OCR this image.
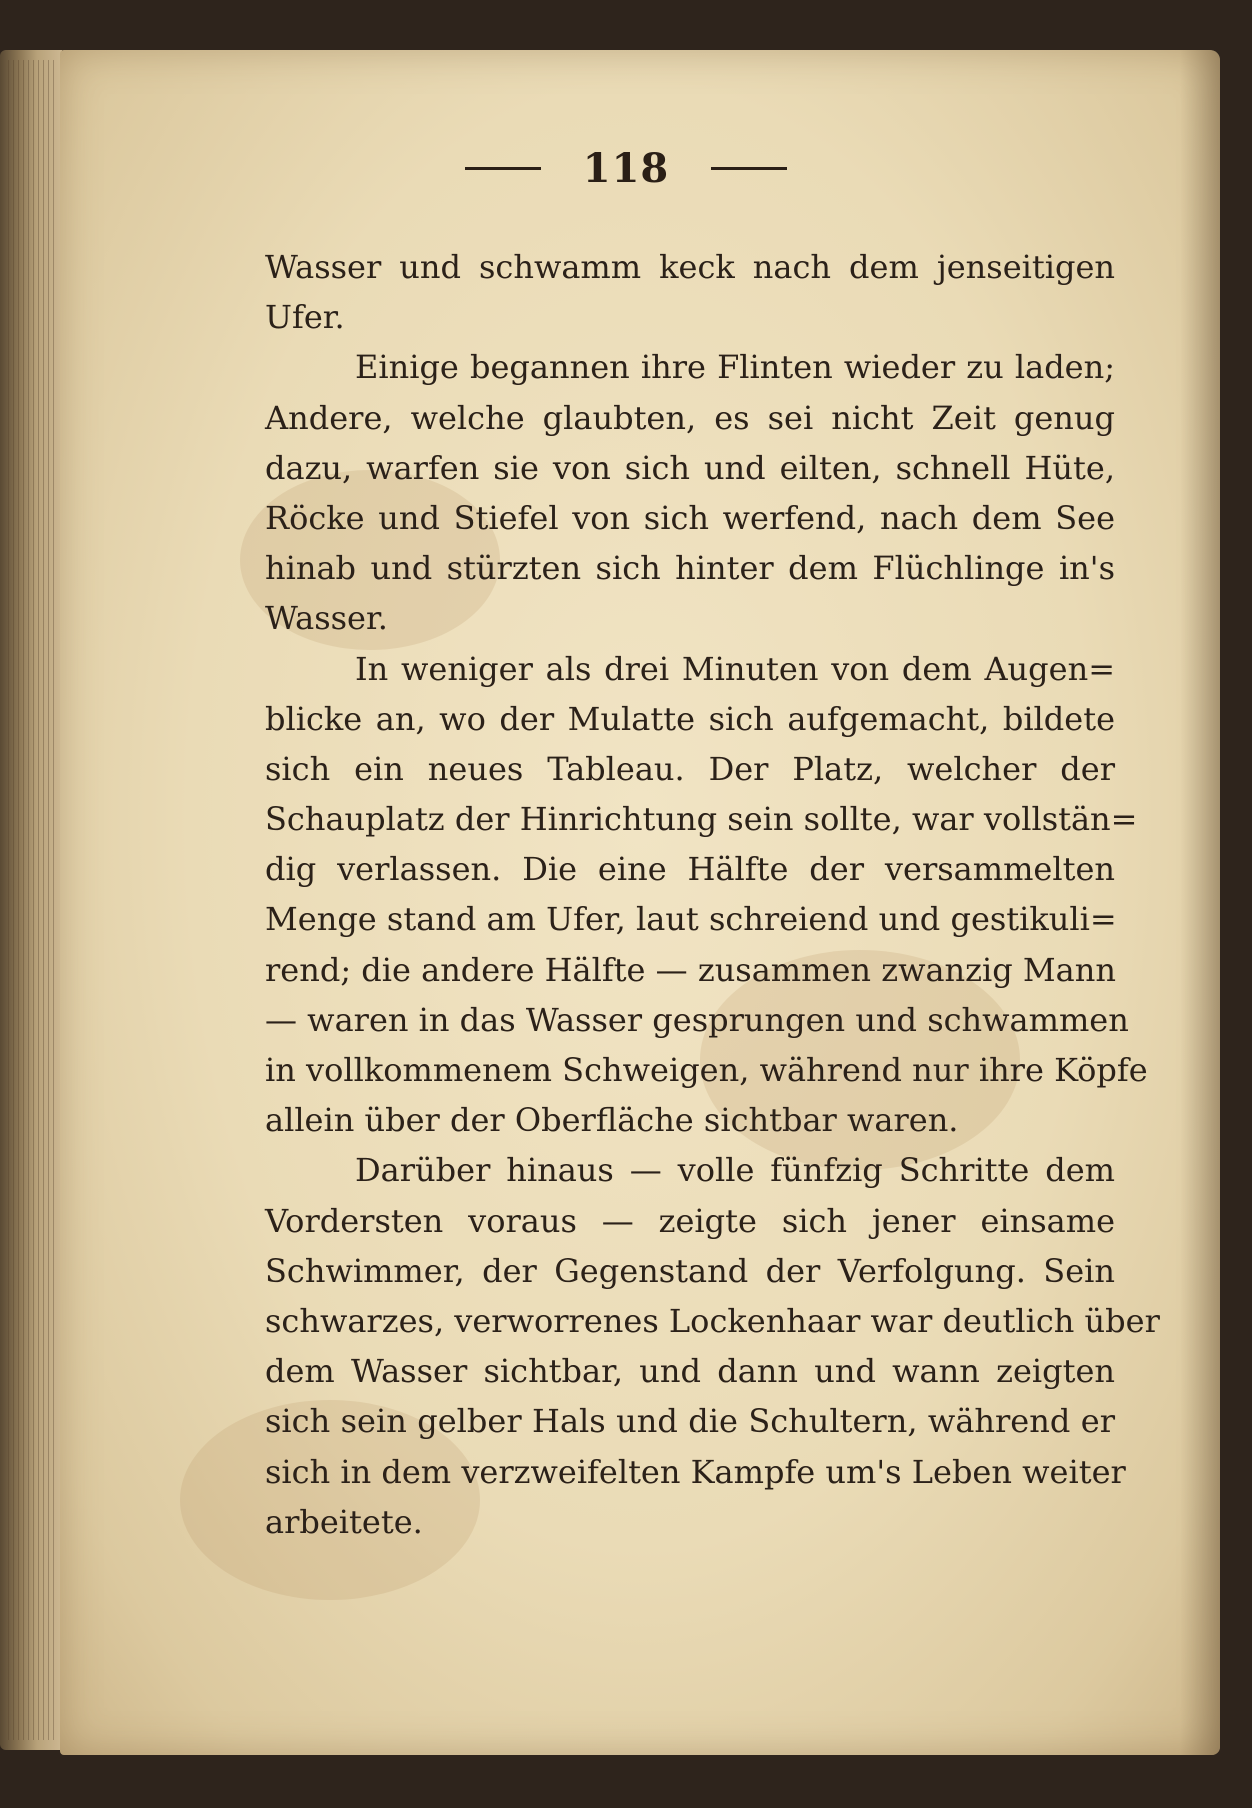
118
Wasser und schwamm keck nach dem jenseitigen
Ufer.
Einige begannen ihre Flinten wieder zu laden;
Andere, welche glaubten, es sei nicht Zeit genug
dazu, warfen sie von sich und eilten, schnell Hüte,
Röcke und Stiefel von sich werfend, nach dem See
hinab und stürzten sich hinter dem Flüchlinge in's
Wasser.
In weniger als drei Minuten von dem Augen=
blicke an, wo der Mulatte sich aufgemacht, bildete
sich ein neues Tableau. Der Platz, welcher der
Schauplatz der Hinrichtung sein sollte, war vollstän=
dig verlassen. Die eine Hälfte der versammelten
Menge stand am Ufer, laut schreiend und gestikuli=
rend; die andere Hälfte — zusammen zwanzig Mann
— waren in das Wasser gesprungen und schwammen
in vollkommenem Schweigen, während nur ihre Köpfe
allein über der Oberfläche sichtbar waren.
Darüber hinaus — volle fünfzig Schritte dem
Vordersten voraus — zeigte sich jener einsame
Schwimmer, der Gegenstand der Verfolgung. Sein
schwarzes, verworrenes Lockenhaar war deutlich über
dem Wasser sichtbar, und dann und wann zeigten
sich sein gelber Hals und die Schultern, während er
sich in dem verzweifelten Kampfe um's Leben weiter
arbeitete.
